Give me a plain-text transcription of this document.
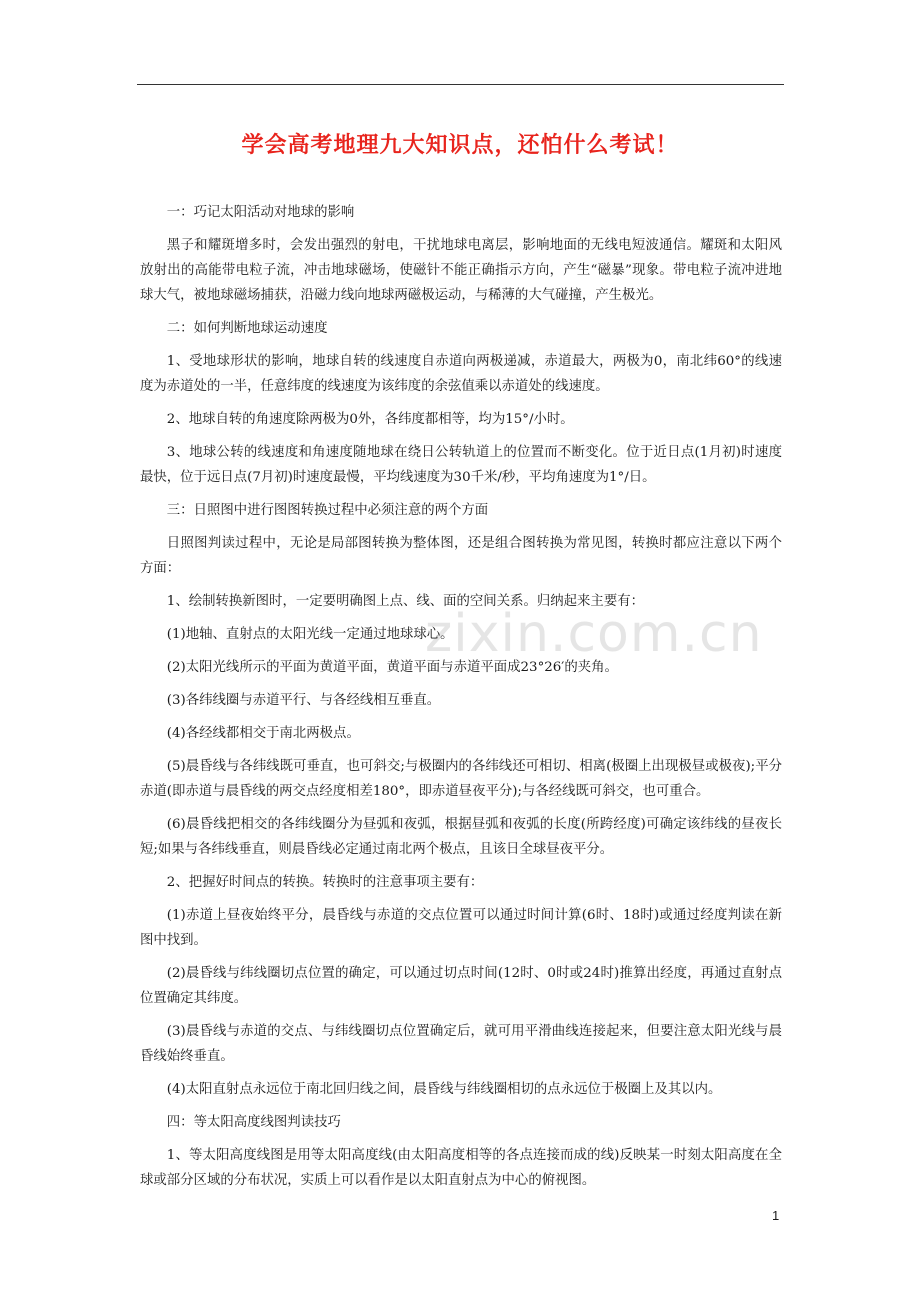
学会高考地理九大知识点，还怕什么考试！
zixin.com.cn

一：巧记太阳活动对地球的影响

黑子和耀斑增多时，会发出强烈的射电，干扰地球电离层，影响地面的无线电短波通信。耀斑和太阳风放射出的高能带电粒子流，冲击地球磁场，使磁针不能正确指示方向，产生“磁暴”现象。带电粒子流冲进地球大气，被地球磁场捕获，沿磁力线向地球两磁极运动，与稀薄的大气碰撞，产生极光。

二：如何判断地球运动速度

1、受地球形状的影响，地球自转的线速度自赤道向两极递减，赤道最大，两极为0，南北纬60°的线速度为赤道处的一半，任意纬度的线速度为该纬度的余弦值乘以赤道处的线速度。

2、地球自转的角速度除两极为0外，各纬度都相等，均为15°/小时。

3、地球公转的线速度和角速度随地球在绕日公转轨道上的位置而不断变化。位于近日点(1月初)时速度最快，位于远日点(7月初)时速度最慢，平均线速度为30千米/秒，平均角速度为1°/日。

三：日照图中进行图图转换过程中必须注意的两个方面

日照图判读过程中，无论是局部图转换为整体图，还是组合图转换为常见图，转换时都应注意以下两个方面：

1、绘制转换新图时，一定要明确图上点、线、面的空间关系。归纳起来主要有：

(1)地轴、直射点的太阳光线一定通过地球球心。

(2)太阳光线所示的平面为黄道平面，黄道平面与赤道平面成23°26′的夹角。

(3)各纬线圈与赤道平行、与各经线相互垂直。

(4)各经线都相交于南北两极点。

(5)晨昏线与各纬线既可垂直，也可斜交;与极圈内的各纬线还可相切、相离(极圈上出现极昼或极夜);平分赤道(即赤道与晨昏线的两交点经度相差180°，即赤道昼夜平分);与各经线既可斜交，也可重合。

(6)晨昏线把相交的各纬线圈分为昼弧和夜弧，根据昼弧和夜弧的长度(所跨经度)可确定该纬线的昼夜长短;如果与各纬线垂直，则晨昏线必定通过南北两个极点，且该日全球昼夜平分。

2、把握好时间点的转换。转换时的注意事项主要有：

(1)赤道上昼夜始终平分，晨昏线与赤道的交点位置可以通过时间计算(6时、18时)或通过经度判读在新图中找到。

(2)晨昏线与纬线圈切点位置的确定，可以通过切点时间(12时、0时或24时)推算出经度，再通过直射点位置确定其纬度。

(3)晨昏线与赤道的交点、与纬线圈切点位置确定后，就可用平滑曲线连接起来，但要注意太阳光线与晨昏线始终垂直。

(4)太阳直射点永远位于南北回归线之间，晨昏线与纬线圈相切的点永远位于极圈上及其以内。

四：等太阳高度线图判读技巧

1、等太阳高度线图是用等太阳高度线(由太阳高度相等的各点连接而成的线)反映某一时刻太阳高度在全球或部分区域的分布状况，实质上可以看作是以太阳直射点为中心的俯视图。

1
